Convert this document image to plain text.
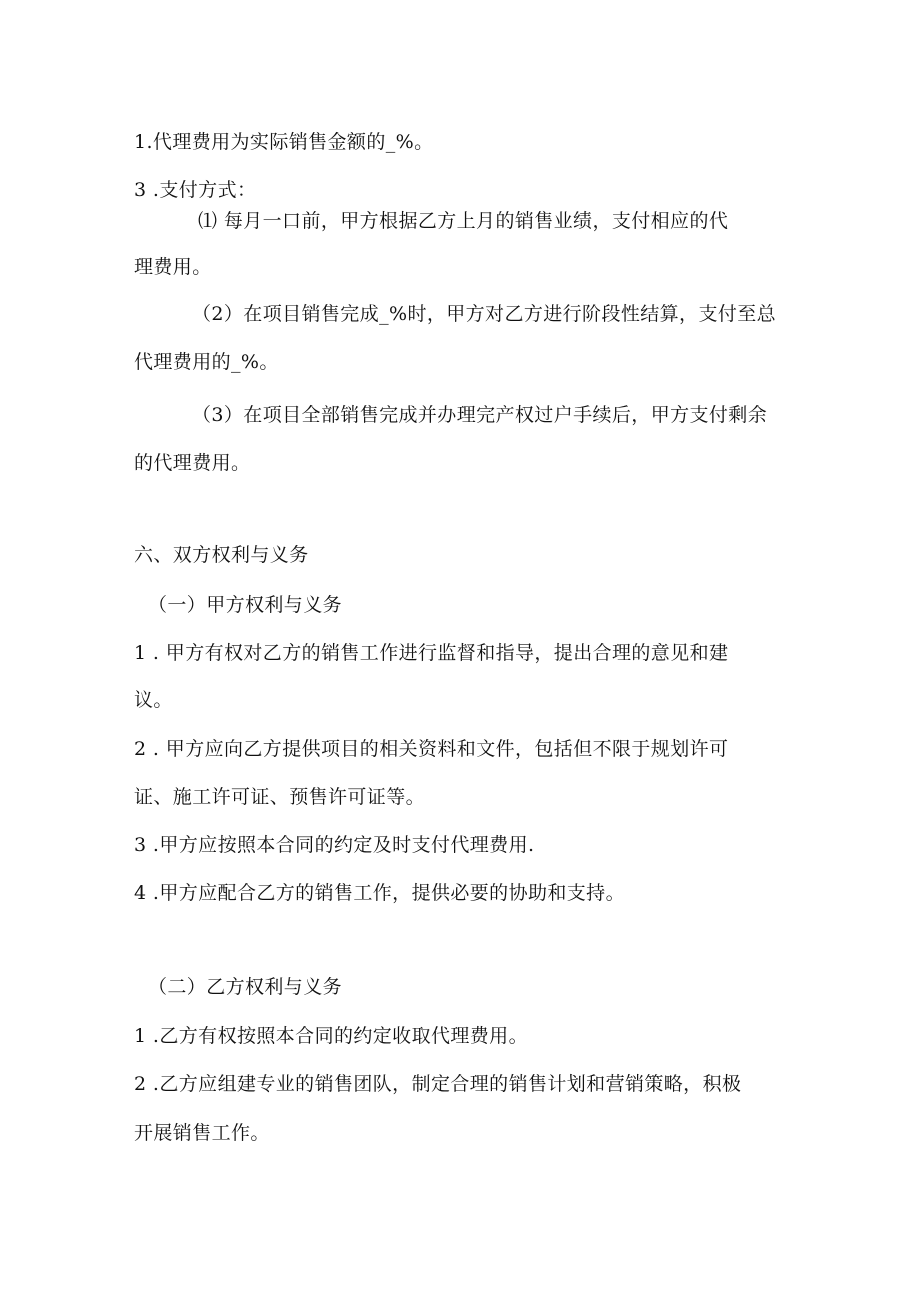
1.代理费用为实际销售金额的_%。
3 .支付方式：
⑴ 每月一口前，甲方根据乙方上月的销售业绩，支付相应的代
理费用。
（2）在项目销售完成_%时，甲方对乙方进行阶段性结算，支付至总
代理费用的_%。
（3）在项目全部销售完成并办理完产权过户手续后，甲方支付剩余
的代理费用。
六、双方权利与义务
（一）甲方权利与义务
1 . 甲方有权对乙方的销售工作进行监督和指导，提出合理的意见和建
议。
2 . 甲方应向乙方提供项目的相关资料和文件，包括但不限于规划许可
证、施工许可证、预售许可证等。
3 .甲方应按照本合同的约定及时支付代理费用.
4 .甲方应配合乙方的销售工作，提供必要的协助和支持。
（二）乙方权利与义务
1 .乙方有权按照本合同的约定收取代理费用。
2 .乙方应组建专业的销售团队，制定合理的销售计划和营销策略，积极
开展销售工作。
